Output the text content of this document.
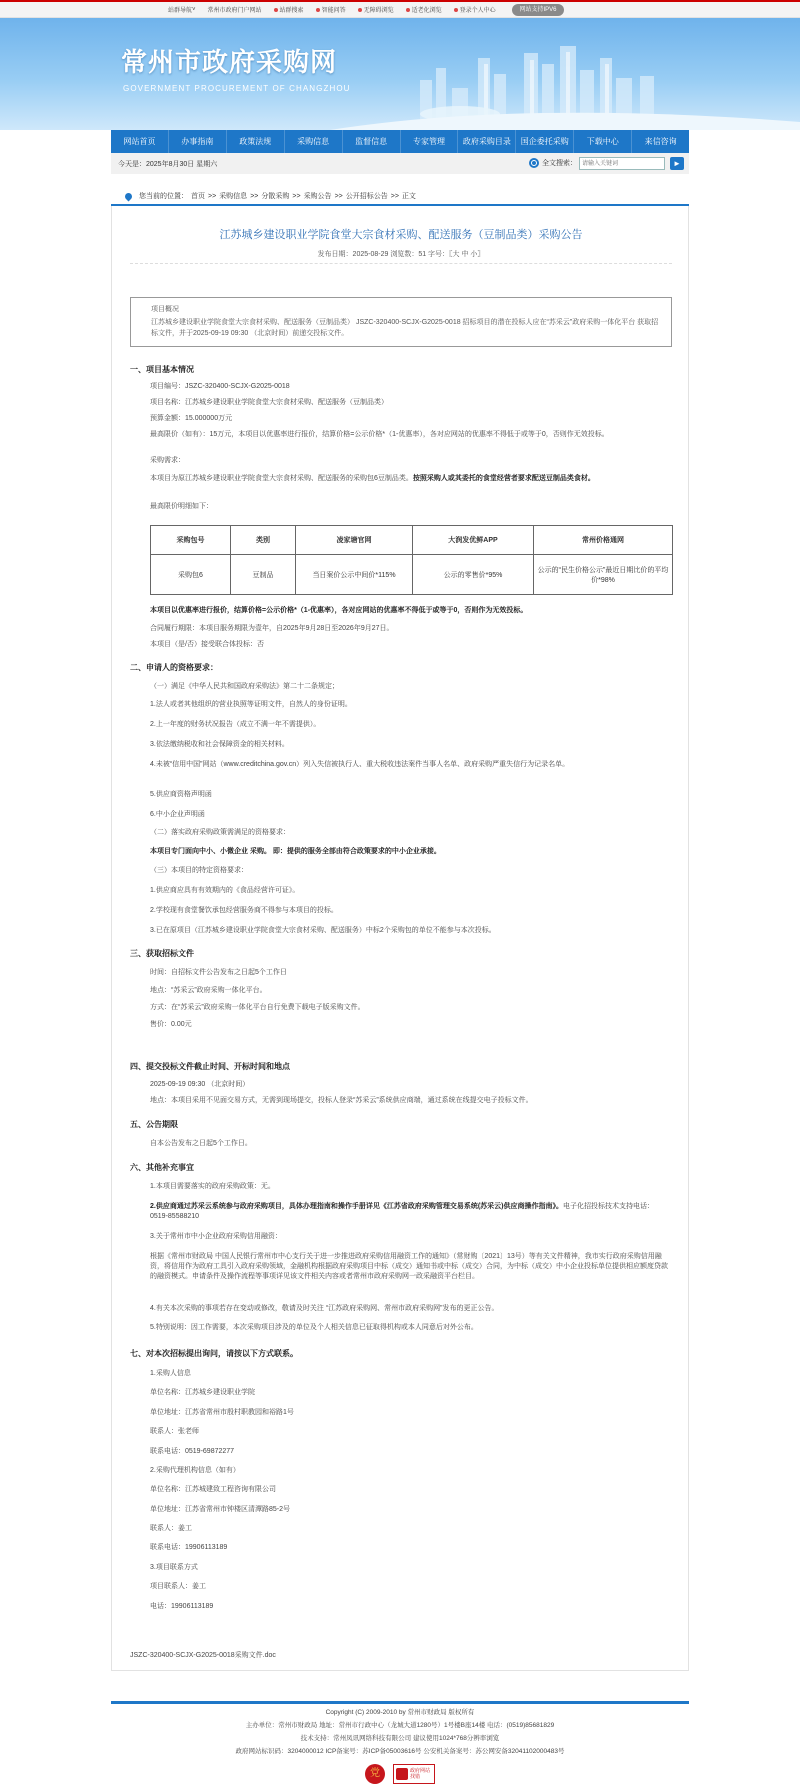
站群导航 ˅ 常州市政府门户网站	站群搜索	智能问答	无障碍浏览	适老化浏览	登录个人中心	网站支持IPV6
常州市政府采购网
GOVERNMENT PROCUREMENT OF CHANGZHOU
网站首页	办事指南	政策法规	采购信息	监督信息	专家管理	政府采购目录	国企委托采购	下载中心	来信咨询
今天是：2025年8月30日 星期六	全文搜索：
请输入关键词	►
您当前的位置： 首页 >> 采购信息 >> 分散采购 >> 采购公告 >> 公开招标公告 >> 正文
江苏城乡建设职业学院食堂大宗食材采购、配送服务（豆制品类）采购公告
发布日期：2025-08-29 浏览数：51 字号：〖大 中 小〗

项目概况

江苏城乡建设职业学院食堂大宗食材采购、配送服务（豆制品类） JSZC-320400-SCJX-G2025-0018 招标项目的潜在投标人应在“苏采云”政府采购一体化平台 获取招标文件，并于2025-09-19 09:30 （北京时间）前递交投标文件。

一、项目基本情况
项目编号：JSZC-320400-SCJX-G2025-0018
项目名称：江苏城乡建设职业学院食堂大宗食材采购、配送服务（豆制品类）
预算金额：15.000000万元
最高限价（如有）：15万元，本项目以优惠率进行报价，结算价格=公示价格*（1-优惠率），各对应网站的优惠率不得低于或等于0，否则作无效投标。
采购需求：
本项目为原江苏城乡建设职业学院食堂大宗食材采购、配送服务的采购包6豆制品类。按照采购人或其委托的食堂经营者要求配送豆制品类食材。
最高限价明细如下：
采购包号	类别	凌家塘官网	大润发优鲜APP	常州价格通网
采购包6	豆制品	当日案价公示中间价*115%	公示的零售价*95%	公示的“民生价格公示”最近日期比价的平均价*98%
本项目以优惠率进行报价，结算价格=公示价格*（1-优惠率），各对应网站的优惠率不得低于或等于0，否则作为无效投标。
合同履行期限：本项目服务期限为壹年，自2025年9月28日至2026年9月27日。
本项目（是/否）接受联合体投标：否
二、申请人的资格要求：
（一）满足《中华人民共和国政府采购法》第二十二条规定；
1.法人或者其他组织的营业执照等证明文件，自然人的身份证明。
2.上一年度的财务状况报告（成立不满一年不需提供）。
3.依法缴纳税收和社会保障资金的相关材料。
4.未被“信用中国”网站（www.creditchina.gov.cn）列入失信被执行人、重大税收违法案件当事人名单、政府采购严重失信行为记录名单。
5.供应商资格声明函
6.中小企业声明函
（二）落实政府采购政策需满足的资格要求：
本项目专门面向中小、小微企业 采购。 即：提供的服务全部由符合政策要求的中小企业承接。
（三）本项目的特定资格要求：
1.供应商应具有有效期内的《食品经营许可证》。
2.学校现有食堂餐饮承包经营服务商不得参与本项目的投标。
3.已在原项目（江苏城乡建设职业学院食堂大宗食材采购、配送服务）中标2个采购包的单位不能参与本次投标。
三、获取招标文件
时间：自招标文件公告发布之日起5个工作日
地点：“苏采云”政府采购一体化平台。
方式：在“苏采云”政府采购一体化平台自行免费下载电子版采购文件。
售价：0.00元
四、提交投标文件截止时间、开标时间和地点
2025-09-19 09:30 （北京时间）
地点：本项目采用不见面交易方式，无需到现场提交，投标人登录“苏采云”系统供应商端，通过系统在线提交电子投标文件。
五、公告期限
自本公告发布之日起5个工作日。
六、其他补充事宜
1.本项目需要落实的政府采购政策：无。
2.供应商通过苏采云系统参与政府采购项目，具体办理指南和操作手册详见《江苏省政府采购管理交易系统(苏采云)供应商操作指南》。电子化招投标技术支持电话：0519-85588210
3.关于常州市中小企业政府采购信用融资：
根据《常州市财政局 中国人民银行常州市中心支行关于进一步推进政府采购信用融资工作的通知》（常财购〔2021〕13号）等有关文件精神，我市实行政府采购信用融资，将信用作为政府工具引入政府采购领域，金融机构根据政府采购项目中标（成交）通知书或中标（成交）合同，为中标（成交）中小企业投标单位提供相应额度贷款的融资模式。申请条件及操作流程等事项详见该文件相关内容或者常州市政府采购网一政采融资平台栏目。
4.有关本次采购的事项若存在变动或修改，敬请及时关注 “江苏政府采购网、常州市政府采购网”发布的更正公告。
5.特别说明：因工作需要，本次采购项目涉及的单位及个人相关信息已征取得机构或本人同意后对外公布。
七、对本次招标提出询问，请按以下方式联系。
1.采购人信息
单位名称：江苏城乡建设职业学院
单位地址：江苏省常州市殷村职教园和裕路1号
联系人：张老师
联系电话：0519-69872277
2.采购代理机构信息（如有）
单位名称：江苏城建致工程咨询有限公司
单位地址：江苏省常州市钟楼区清潭路85-2号
联系人：姜工
联系电话：19906113189
3.项目联系方式
项目联系人：姜工
电话：19906113189
JSZC-320400-SCJX-G2025-0018采购文件.doc

Copyright (C) 2009-2010 by 常州市财政局 版权所有

主办单位：常州市财政局 地址：常州市行政中心（龙城大道1280号）1号楼B座14楼 电话：(0519)85681829

技术支持：常州凤讯网络科技有限公司 建议使用1024*768分辨率浏览

政府网站标识码：3204000012 ICP备案号：苏ICP备05003616号 公安机关备案号：苏公网安备32041102000483号

党	政府网站
找错
